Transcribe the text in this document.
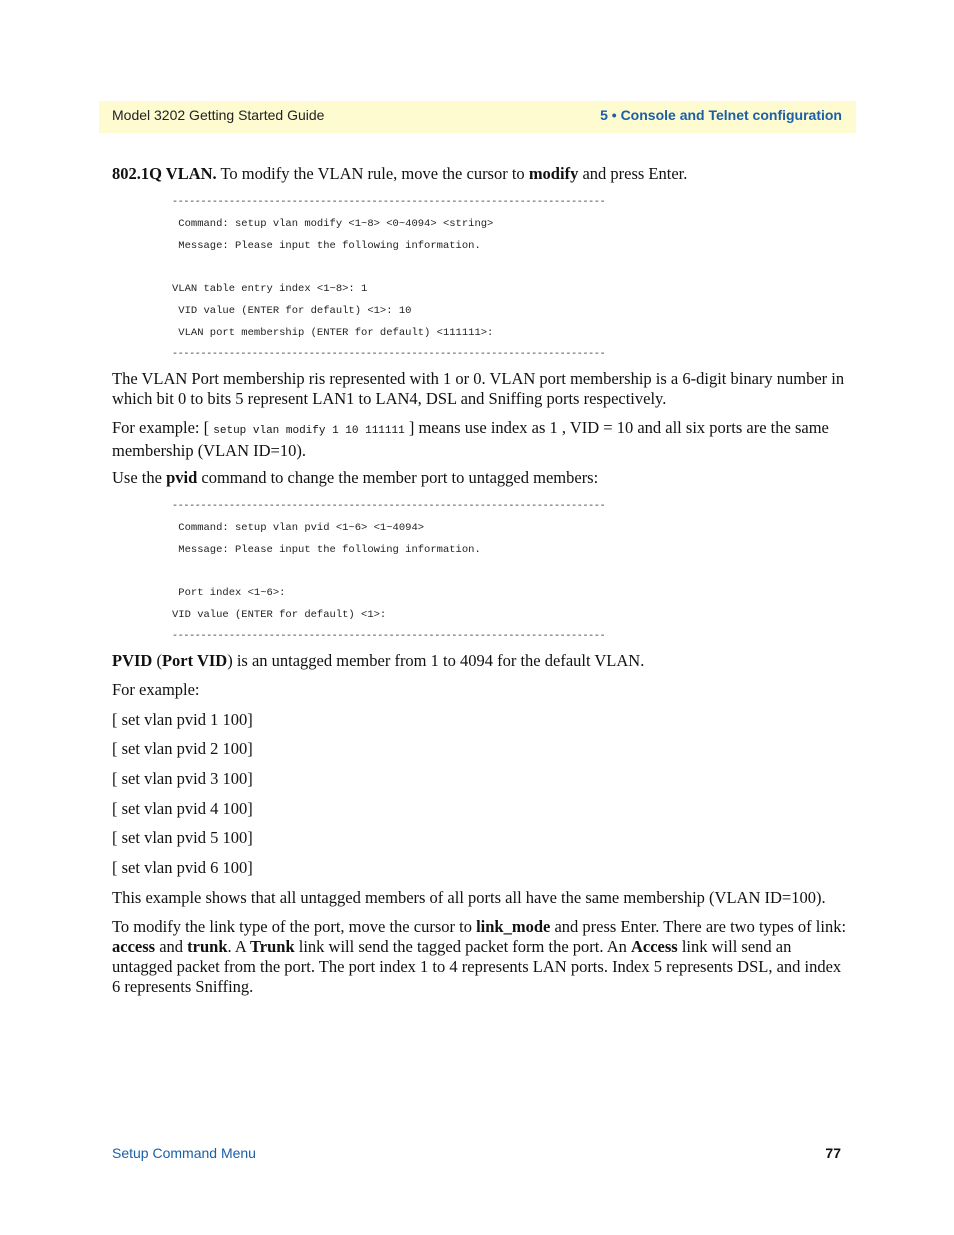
Model 3202 Getting Started Guide	5 • Console and Telnet configuration
802.1Q VLAN. To modify the VLAN rule, move the cursor to modify and press Enter.
----------------------------------------------------------------------------
Command: setup vlan modify <1~8> <0~4094> <string>
Message: Please input the following information.
VLAN table entry index <1~8>: 1
VID value (ENTER for default) <1>: 10
VLAN port membership (ENTER for default) <111111>:
----------------------------------------------------------------------------
The VLAN Port membership ris represented with 1 or 0. VLAN port membership is a 6-digit binary number in which bit 0 to bits 5 represent LAN1 to LAN4, DSL and Sniffing ports respectively.
For example: [ setup vlan modify 1 10 111111 ] means use index as 1 , VID = 10 and all six ports are the same membership (VLAN ID=10).
Use the pvid command to change the member port to untagged members:
----------------------------------------------------------------------------
Command: setup vlan pvid <1~6> <1~4094>
Message: Please input the following information.
Port index <1~6>:
VID value (ENTER for default) <1>:
----------------------------------------------------------------------------
PVID (Port VID) is an untagged member from 1 to 4094 for the default VLAN.
For example:
[ set vlan pvid 1 100]
[ set vlan pvid 2 100]
[ set vlan pvid 3 100]
[ set vlan pvid 4 100]
[ set vlan pvid 5 100]
[ set vlan pvid 6 100]
This example shows that all untagged members of all ports all have the same membership (VLAN ID=100).
To modify the link type of the port, move the cursor to link_mode and press Enter. There are two types of link: access and trunk. A Trunk link will send the tagged packet form the port. An Access link will send an untagged packet from the port. The port index 1 to 4 represents LAN ports. Index 5 represents DSL, and index 6 represents Sniffing.
Setup Command Menu	77
